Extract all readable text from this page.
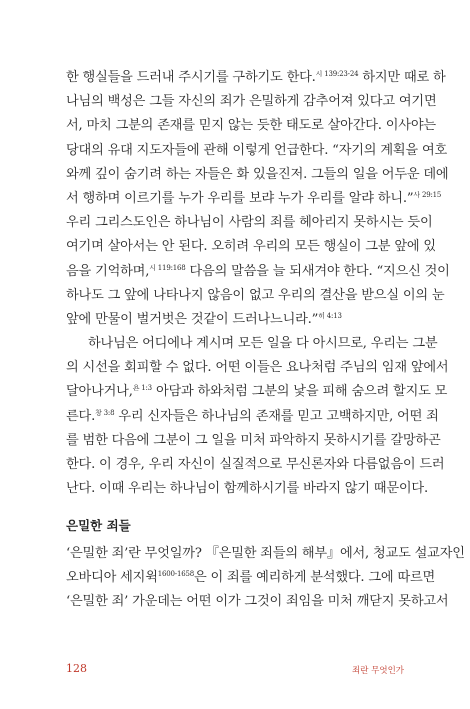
한 행실들을 드러내 주시기를 구하기도 한다.$^{시 139:23-24}$ 하지만 때로 하
나님의 백성은 그들 자신의 죄가 은밀하게 감추어져 있다고 여기면
서, 마치 그분의 존재를 믿지 않는 듯한 태도로 살아간다. 이사야는
당대의 유대 지도자들에 관해 이렇게 언급한다. “자기의 계획을 여호
와께 깊이 숨기려 하는 자들은 화 있을진저. 그들의 일을 어두운 데에
서 행하며 이르기를 누가 우리를 보랴 누가 우리를 알랴 하니.”$^{사 29:15}$
우리 그리스도인은 하나님이 사람의 죄를 헤아리지 못하시는 듯이
여기며 살아서는 안 된다. 오히려 우리의 모든 행실이 그분 앞에 있
음을 기억하며,$^{시 119:168}$ 다음의 말씀을 늘 되새겨야 한다. “지으신 것이
하나도 그 앞에 나타나지 않음이 없고 우리의 결산을 받으실 이의 눈
앞에 만물이 벌거벗은 것같이 드러나느니라.”$^{히 4:13}$
하나님은 어디에나 계시며 모든 일을 다 아시므로, 우리는 그분
의 시선을 회피할 수 없다. 어떤 이들은 요나처럼 주님의 임재 앞에서
달아나거나,$^{욘 1:3}$ 아담과 하와처럼 그분의 낯을 피해 숨으려 할지도 모
른다.$^{창 3:8}$ 우리 신자들은 하나님의 존재를 믿고 고백하지만, 어떤 죄
를 범한 다음에 그분이 그 일을 미처 파악하지 못하시기를 갈망하곤
한다. 이 경우, 우리 자신이 실질적으로 무신론자와 다름없음이 드러
난다. 이때 우리는 하나님이 함께하시기를 바라지 않기 때문이다.
은밀한 죄들
‘은밀한 죄’란 무엇일까? 『은밀한 죄들의 해부』에서, 청교도 설교자인
오바디아 세지윅$^{1600-1658}$은 이 죄를 예리하게 분석했다. 그에 따르면
‘은밀한 죄’ 가운데는 어떤 이가 그것이 죄임을 미처 깨닫지 못하고서
128	죄란 무엇인가
